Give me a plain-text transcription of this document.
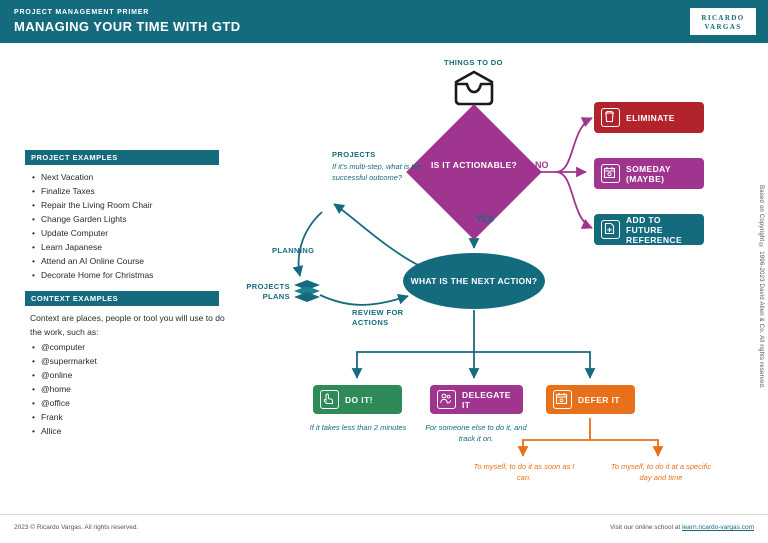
PROJECT MANAGEMENT PRIMER
MANAGING YOUR TIME WITH GTD
RICARDO
VARGAS
PROJECT EXAMPLES
• Next Vacation
• Finalize Taxes
• Repair the Living Room Chair
• Change Garden Lights
• Update Computer
• Learn Japanese
• Attend an AI Online Course
• Decorate Home for Christmas
CONTEXT EXAMPLES

Context are places, people or tool you will use to do the work, such as:

• @computer
• @supermarket
• @online
• @home
• @office
• Frank
• Allice
THINGS TO DO
IS IT ACTIONABLE?	NO
YES
ELIMINATE
SOMEDAY (MAYBE)
ADD TO FUTURE REFERENCE
WHAT IS THE NEXT ACTION?
PROJECTS
If it's multi-step, what is the successful outcome?
PLANNING
PROJECTS PLANS
REVIEW FOR ACTIONS
DO IT!	DELEGATE IT	DEFER IT
If it takes less than 2 minutes	For someone else to do it, and track it on.
To myself, to do it as soon as I can.
To myself, to do it at a specific day and time
Based on Copyright © 1996-2023 David Allen & Co. All rights reserved.
2023 © Ricardo Vargas. All rights reserved.	Visit our online school at learn.ricardo-vargas.com
